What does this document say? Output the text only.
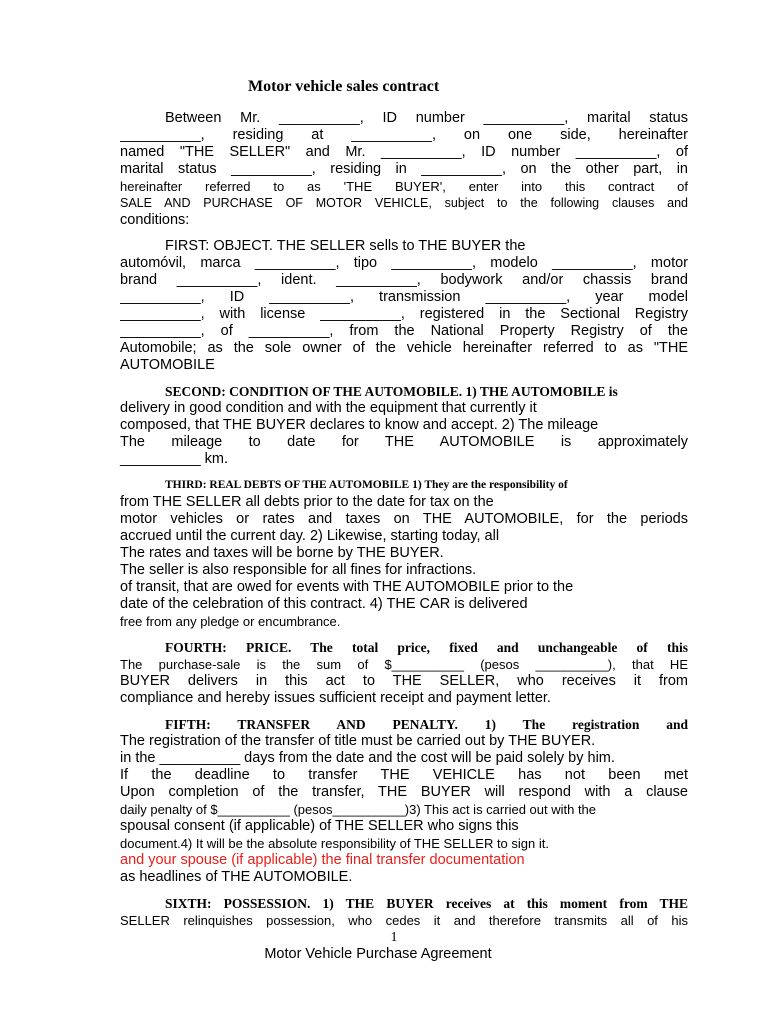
Motor vehicle sales contract
Between Mr. __________, ID number __________, marital status
__________, residing at __________, on one side, hereinafter
named "THE SELLER" and Mr. __________, ID number __________, of
marital status __________, residing in __________, on the other part, in
hereinafter referred to as 'THE BUYER', enter into this contract of
SALE AND PURCHASE OF MOTOR VEHICLE, subject to the following clauses and
conditions:
FIRST: OBJECT. THE SELLER sells to THE BUYER the
automóvil, marca __________, tipo __________, modelo __________, motor
brand __________, ident. __________, bodywork and/or chassis brand
__________, ID __________, transmission __________, year model
__________, with license __________, registered in the Sectional Registry
__________, of __________, from the National Property Registry of the
Automobile; as the sole owner of the vehicle hereinafter referred to as "THE
AUTOMOBILE
SECOND: CONDITION OF THE AUTOMOBILE. 1) THE AUTOMOBILE is
delivery in good condition and with the equipment that currently it
composed, that THE BUYER declares to know and accept. 2) The mileage
The mileage to date for THE AUTOMOBILE is approximately
__________ km.
THIRD: REAL DEBTS OF THE AUTOMOBILE 1) They are the responsibility of
from THE SELLER all debts prior to the date for tax on the
motor vehicles or rates and taxes on THE AUTOMOBILE, for the periods
accrued until the current day. 2) Likewise, starting today, all
The rates and taxes will be borne by THE BUYER.
The seller is also responsible for all fines for infractions.
of transit, that are owed for events with THE AUTOMOBILE prior to the
date of the celebration of this contract. 4) THE CAR is delivered
free from any pledge or encumbrance.
FOURTH: PRICE. The total price, fixed and unchangeable of this
The purchase-sale is the sum of $__________ (pesos __________), that HE
BUYER delivers in this act to THE SELLER, who receives it from
compliance and hereby issues sufficient receipt and payment letter.
FIFTH: TRANSFER AND PENALTY. 1) The registration and
The registration of the transfer of title must be carried out by THE BUYER.
in the __________ days from the date and the cost will be paid solely by him.
If the deadline to transfer THE VEHICLE has not been met
Upon completion of the transfer, THE BUYER will respond with a clause
daily penalty of $__________ (pesos__________)3) This act is carried out with the
spousal consent (if applicable) of THE SELLER who signs this
document.4) It will be the absolute responsibility of THE SELLER to sign it.
and your spouse (if applicable) the final transfer documentation
as headlines of THE AUTOMOBILE.
SIXTH: POSSESSION. 1) THE BUYER receives at this moment from THE
SELLER relinquishes possession, who cedes it and therefore transmits all of his
1
Motor Vehicle Purchase Agreement
